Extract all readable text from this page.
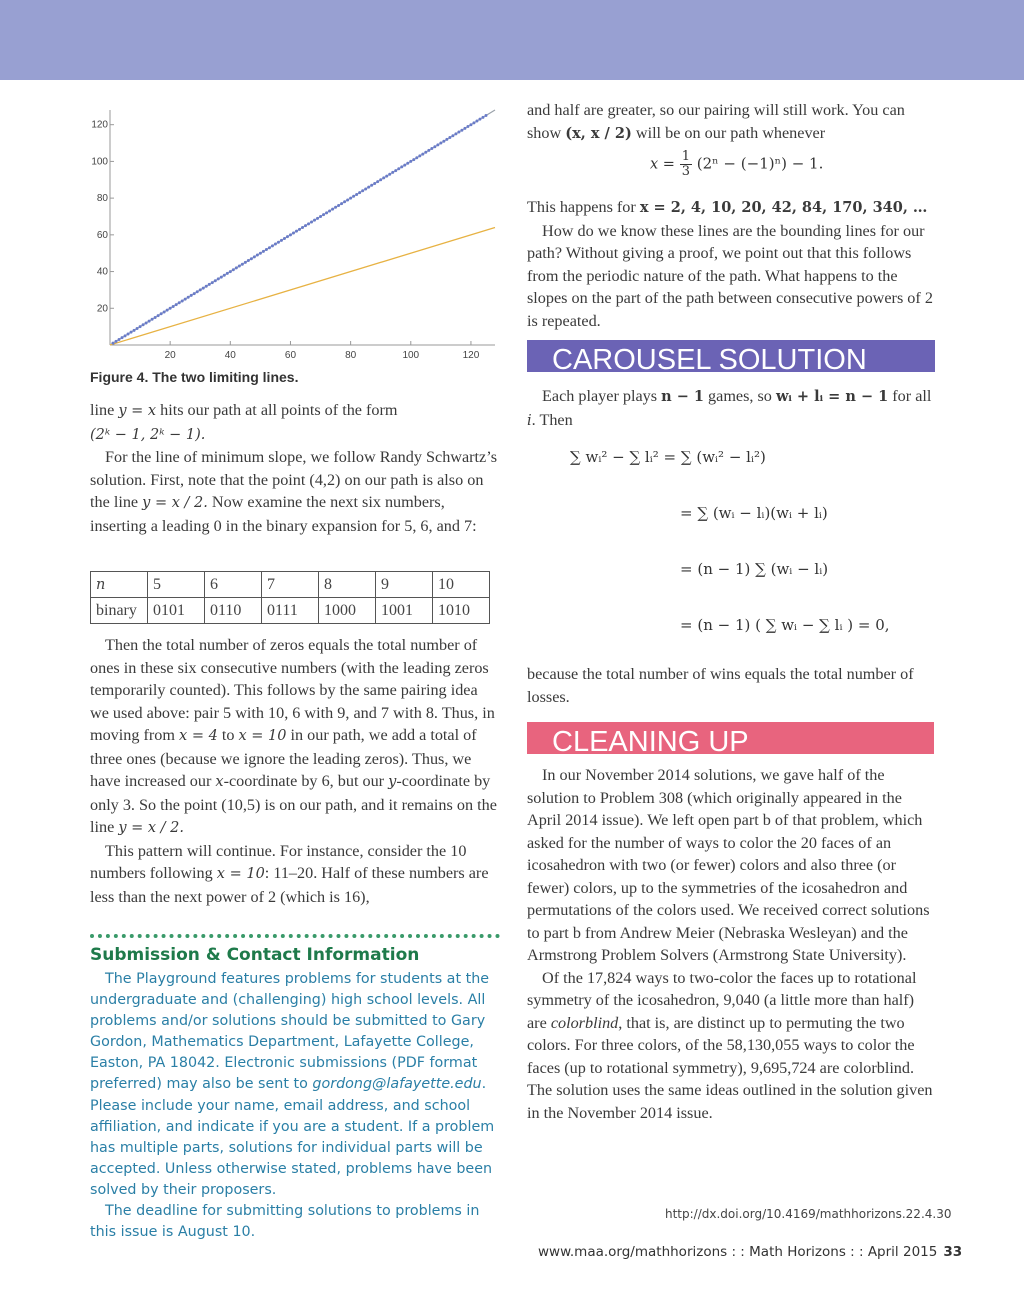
20	40	60	80	100	120
20
40
60
80
100
120
Figure 4. The two limiting lines.

line y = x hits our path at all points of the form
(2ᵏ − 1, 2ᵏ − 1).

For the line of minimum slope, we follow Randy Schwartz’s solution. First, note that the point (4,2) on our path is also on the line y = x / 2. Now examine the next six numbers, inserting a leading 0 in the binary expansion for 5, 6, and 7:

n	5	6	7	8	9	10
binary	0101	0110	0111	1000	1001	1010

Then the total number of zeros equals the total number of ones in these six consecutive numbers (with the leading zeros temporarily counted). This follows by the same pairing idea we used above: pair 5 with 10, 6 with 9, and 7 with 8. Thus, in moving from x = 4 to x = 10 in our path, we add a total of three ones (because we ignore the leading zeros). Thus, we have increased our x-coordinate by 6, but our y-coordinate by only 3. So the point (10,5) is on our path, and it remains on the line y = x / 2.

This pattern will continue. For instance, consider the 10 numbers following x = 10: 11–20. Half of these numbers are less than the next power of 2 (which is 16),

Submission & Contact Information

The Playground features problems for students at the undergraduate and (challenging) high school levels. All problems and/or solutions should be submitted to Gary Gordon, Mathematics Department, Lafayette College, Easton, PA 18042. Electronic submissions (PDF format preferred) may also be sent to gordong@lafayette.edu. Please include your name, email address, and school affiliation, and indicate if you are a student. If a problem has multiple parts, solutions for individual parts will be accepted. Unless otherwise stated, problems have been solved by their proposers.

The deadline for submitting solutions to problems in this issue is August 10.

and half are greater, so our pairing will still work. You can show (x, x / 2) will be on our path whenever

$x = \frac{1}{3} (2^n - (-1)^n) - 1$.

This happens for x = 2, 4, 10, 20, 42, 84, 170, 340, …

How do we know these lines are the bounding lines for our path? Without giving a proof, we point out that this follows from the periodic nature of the path. What happens to the slopes on the part of the path between consecutive powers of 2 is repeated.

CAROUSEL SOLUTION

Each player plays n − 1 games, so wᵢ + lᵢ = n − 1 for all i. Then

∑ wᵢ² − ∑ lᵢ² = ∑ (wᵢ² − lᵢ²)
= ∑ (wᵢ − lᵢ)(wᵢ + lᵢ)
= (n − 1) ∑ (wᵢ − lᵢ)
= (n − 1) ( ∑ wᵢ − ∑ lᵢ ) = 0,

because the total number of wins equals the total number of losses.

CLEANING UP

In our November 2014 solutions, we gave half of the solution to Problem 308 (which originally appeared in the April 2014 issue). We left open part b of that problem, which asked for the number of ways to color the 20 faces of an icosahedron with two (or fewer) colors and also three (or fewer) colors, up to the symmetries of the icosahedron and permutations of the colors used. We received correct solutions to part b from Andrew Meier (Nebraska Wesleyan) and the Armstrong Problem Solvers (Armstrong State University).

Of the 17,824 ways to two-color the faces up to rotational symmetry of the icosahedron, 9,040 (a little more than half) are colorblind, that is, are distinct up to permuting the two colors. For three colors, of the 58,130,055 ways to color the faces (up to rotational symmetry), 9,695,724 are colorblind. The solution uses the same ideas outlined in the solution given in the November 2014 issue.

http://dx.doi.org/10.4169/mathhorizons.22.4.30
www.maa.org/mathhorizons : : Math Horizons : : April 2015 33
